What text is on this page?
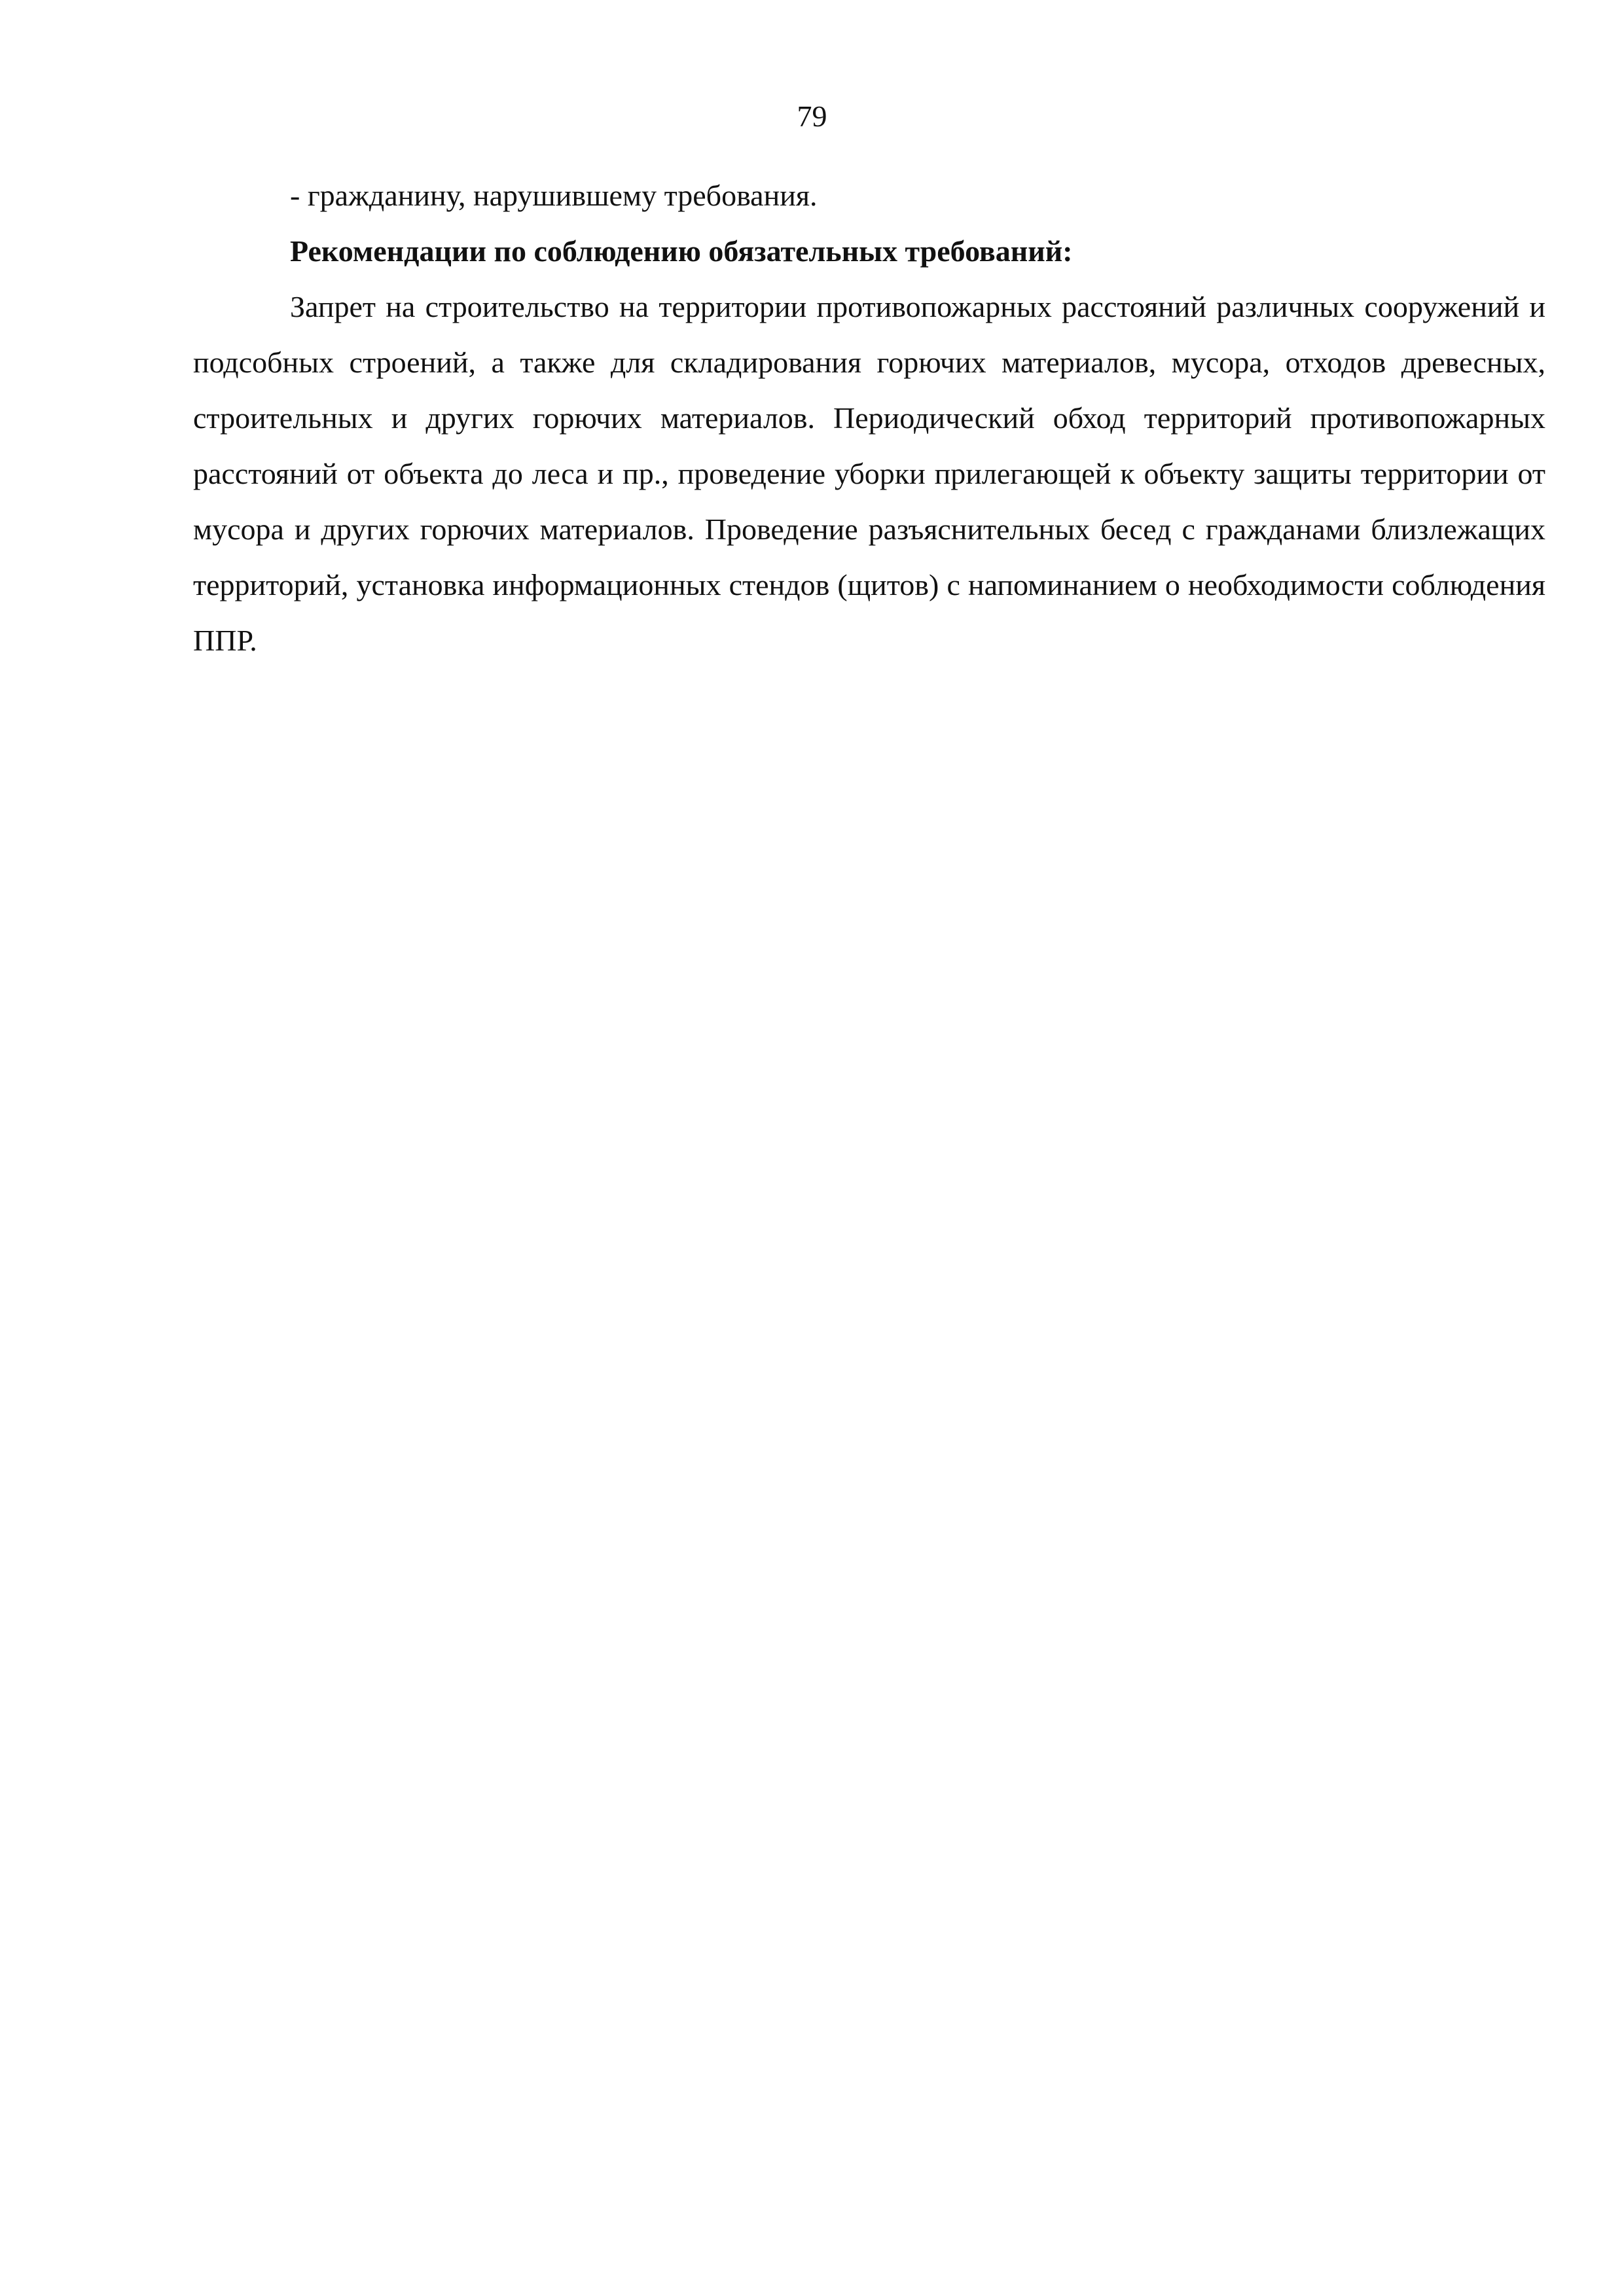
79

- гражданину, нарушившему требования.

Рекомендации по соблюдению обязательных требований:

Запрет на строительство на территории противопожарных расстояний различных сооружений и подсобных строений, а также для складирования горючих материалов, мусора, отходов древесных, строительных и других горючих материалов. Периодический обход территорий противопожарных расстояний от объекта до леса и пр., проведение уборки прилегающей к объекту защиты территории от мусора и других горючих материалов. Проведение разъяснительных бесед с гражданами близлежащих территорий, установка информационных стендов (щитов) с напоминанием о необходимости соблюдения ППР.
